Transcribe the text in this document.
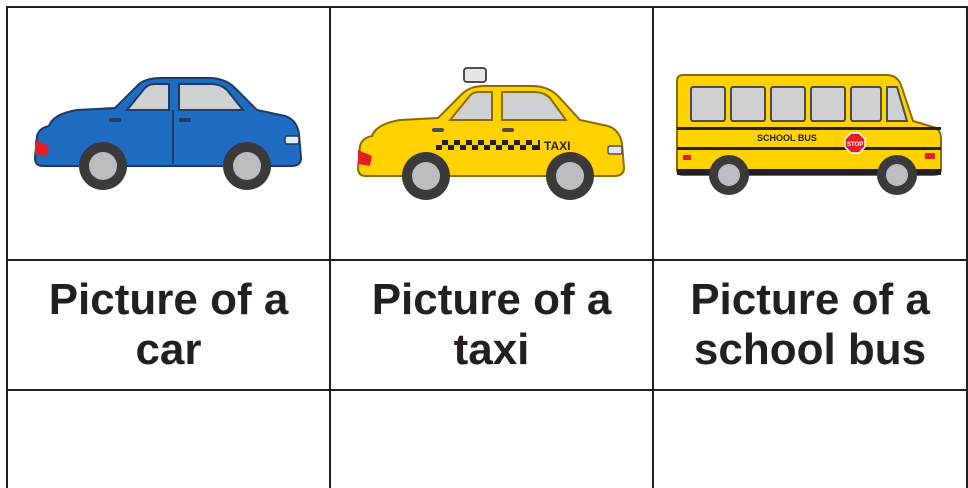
TAXI
SCHOOL BUS
STOP
Picture of a
car
Picture of a
taxi
Picture of a
school bus
